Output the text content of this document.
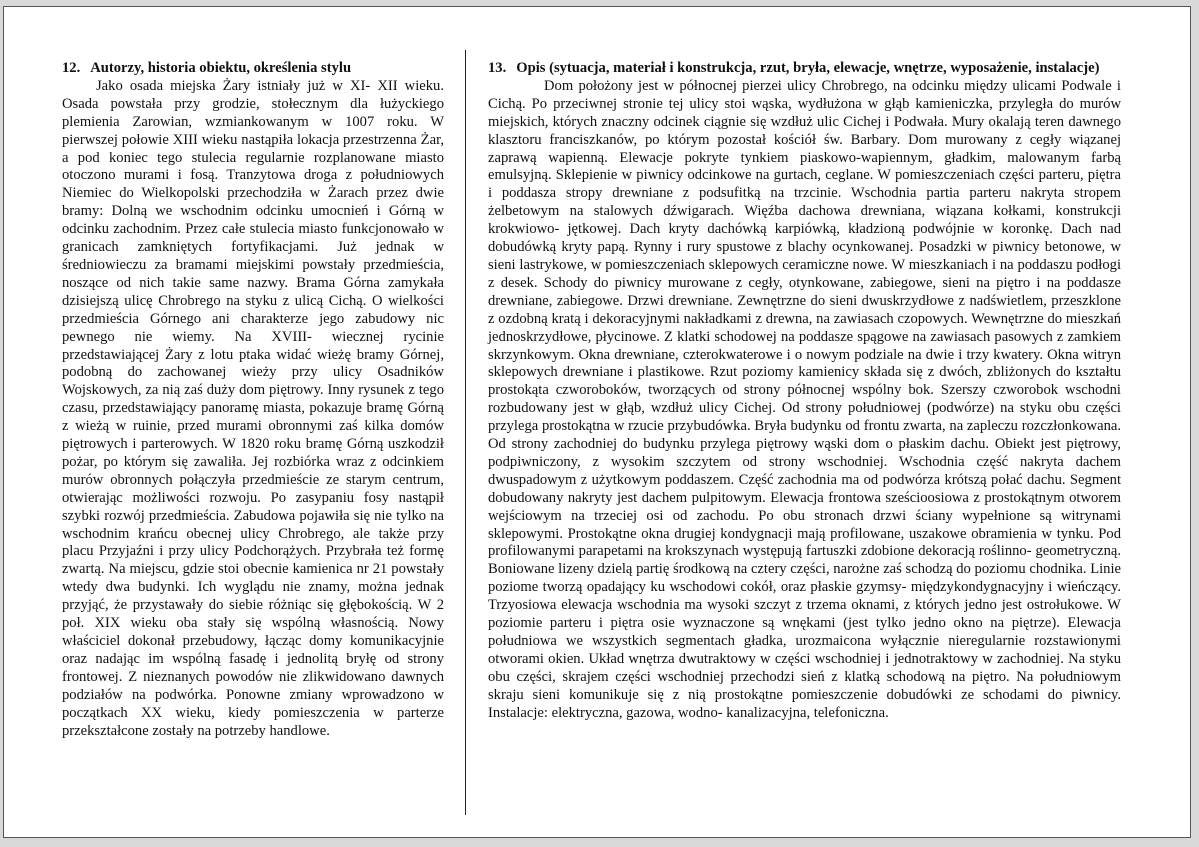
12. Autorzy, historia obiektu, określenia stylu

Jako osada miejska Żary istniały już w XI- XII wieku. Osada powstała przy grodzie, stołecznym dla łużyckiego plemienia Zarowian, wzmiankowanym w 1007 roku. W pierwszej połowie XIII wieku nastąpiła lokacja przestrzenna Żar, a pod koniec tego stulecia regularnie rozplanowane miasto otoczono murami i fosą. Tranzytowa droga z południowych Niemiec do Wielkopolski przechodziła w Żarach przez dwie bramy: Dolną we wschodnim odcinku umocnień i Górną w odcinku zachodnim. Przez całe stulecia miasto funkcjonowało w granicach zamkniętych fortyfikacjami. Już jednak w średniowieczu za bramami miejskimi powstały przedmieścia, noszące od nich takie same nazwy. Brama Górna zamykała dzisiejszą ulicę Chrobrego na styku z ulicą Cichą. O wielkości przedmieścia Górnego ani charakterze jego zabudowy nic pewnego nie wiemy. Na XVIII- wiecznej rycinie przedstawiającej Żary z lotu ptaka widać wieżę bramy Górnej, podobną do zachowanej wieży przy ulicy Osadników Wojskowych, za nią zaś duży dom piętrowy. Inny rysunek z tego czasu, przedstawiający panoramę miasta, pokazuje bramę Górną z wieżą w ruinie, przed murami obronnymi zaś kilka domów piętrowych i parterowych. W 1820 roku bramę Górną uszkodził pożar, po którym się zawaliła. Jej rozbiórka wraz z odcinkiem murów obronnych połączyła przedmieście ze starym centrum, otwierając możliwości rozwoju. Po zasypaniu fosy nastąpił szybki rozwój przedmieścia. Zabudowa pojawiła się nie tylko na wschodnim krańcu obecnej ulicy Chrobrego, ale także przy placu Przyjaźni i przy ulicy Podchorążych. Przybrała też formę zwartą. Na miejscu, gdzie stoi obecnie kamienica nr 21 powstały wtedy dwa budynki. Ich wyglądu nie znamy, można jednak przyjąć, że przystawały do siebie różniąc się głębokością. W 2 poł. XIX wieku oba stały się wspólną własnością. Nowy właściciel dokonał przebudowy, łącząc domy komunikacyjnie oraz nadając im wspólną fasadę i jednolitą bryłę od strony frontowej. Z nieznanych powodów nie zlikwidowano dawnych podziałów na podwórka. Ponowne zmiany wprowadzono w początkach XX wieku, kiedy pomieszczenia w parterze przekształcone zostały na potrzeby handlowe.

13. Opis (sytuacja, materiał i konstrukcja, rzut, bryła, elewacje, wnętrze, wyposażenie, instalacje)

Dom położony jest w północnej pierzei ulicy Chrobrego, na odcinku między ulicami Podwale i Cichą. Po przeciwnej stronie tej ulicy stoi wąska, wydłużona w głąb kamieniczka, przyległa do murów miejskich, których znaczny odcinek ciągnie się wzdłuż ulic Cichej i Podwała. Mury okalają teren dawnego klasztoru franciszkanów, po którym pozostał kościół św. Barbary. Dom murowany z cegły wiązanej zaprawą wapienną. Elewacje pokryte tynkiem piaskowo-wapiennym, gładkim, malowanym farbą emulsyjną. Sklepienie w piwnicy odcinkowe na gurtach, ceglane. W pomieszczeniach części parteru, piętra i poddasza stropy drewniane z podsufitką na trzcinie. Wschodnia partia parteru nakryta stropem żelbetowym na stalowych dźwigarach. Więźba dachowa drewniana, wiązana kołkami, konstrukcji krokwiowo- jętkowej. Dach kryty dachówką karpiówką, kładzioną podwójnie w koronkę. Dach nad dobudówką kryty papą. Rynny i rury spustowe z blachy ocynkowanej. Posadzki w piwnicy betonowe, w sieni lastrykowe, w pomieszczeniach sklepowych ceramiczne nowe. W mieszkaniach i na poddaszu podłogi z desek. Schody do piwnicy murowane z cegły, otynkowane, zabiegowe, sieni na piętro i na poddasze drewniane, zabiegowe. Drzwi drewniane. Zewnętrzne do sieni dwuskrzydłowe z nadświetlem, przeszklone z ozdobną kratą i dekoracyjnymi nakładkami z drewna, na zawiasach czopowych. Wewnętrzne do mieszkań jednoskrzydłowe, płycinowe. Z klatki schodowej na poddasze spągowe na zawiasach pasowych z zamkiem skrzynkowym. Okna drewniane, czterokwaterowe i o nowym podziale na dwie i trzy kwatery. Okna witryn sklepowych drewniane i plastikowe. Rzut poziomy kamienicy składa się z dwóch, zbliżonych do kształtu prostokąta czworoboków, tworzących od strony północnej wspólny bok. Szerszy czworobok wschodni rozbudowany jest w głąb, wzdłuż ulicy Cichej. Od strony południowej (podwórze) na styku obu części przylega prostokątna w rzucie przybudówka. Bryła budynku od frontu zwarta, na zapleczu rozczłonkowana. Od strony zachodniej do budynku przylega piętrowy wąski dom o płaskim dachu. Obiekt jest piętrowy, podpiwniczony, z wysokim szczytem od strony wschodniej. Wschodnia część nakryta dachem dwuspadowym z użytkowym poddaszem. Część zachodnia ma od podwórza krótszą połać dachu. Segment dobudowany nakryty jest dachem pulpitowym. Elewacja frontowa sześcioosiowa z prostokątnym otworem wejściowym na trzeciej osi od zachodu. Po obu stronach drzwi ściany wypełnione są witrynami sklepowymi. Prostokątne okna drugiej kondygnacji mają profilowane, uszakowe obramienia w tynku. Pod profilowanymi parapetami na krokszynach występują fartuszki zdobione dekoracją roślinno- geometryczną. Boniowane lizeny dzielą partię środkową na cztery części, narożne zaś schodzą do poziomu chodnika. Linie poziome tworzą opadający ku wschodowi cokół, oraz płaskie gzymsy- międzykondygnacyjny i wieńczący. Trzyosiowa elewacja wschodnia ma wysoki szczyt z trzema oknami, z których jedno jest ostrołukowe. W poziomie parteru i piętra osie wyznaczone są wnękami (jest tylko jedno okno na piętrze). Elewacja południowa we wszystkich segmentach gładka, urozmaicona wyłącznie nieregularnie rozstawionymi otworami okien. Układ wnętrza dwutraktowy w części wschodniej i jednotraktowy w zachodniej. Na styku obu części, skrajem części wschodniej przechodzi sień z klatką schodową na piętro. Na południowym skraju sieni komunikuje się z nią prostokątne pomieszczenie dobudówki ze schodami do piwnicy. Instalacje: elektryczna, gazowa, wodno- kanalizacyjna, telefoniczna.
